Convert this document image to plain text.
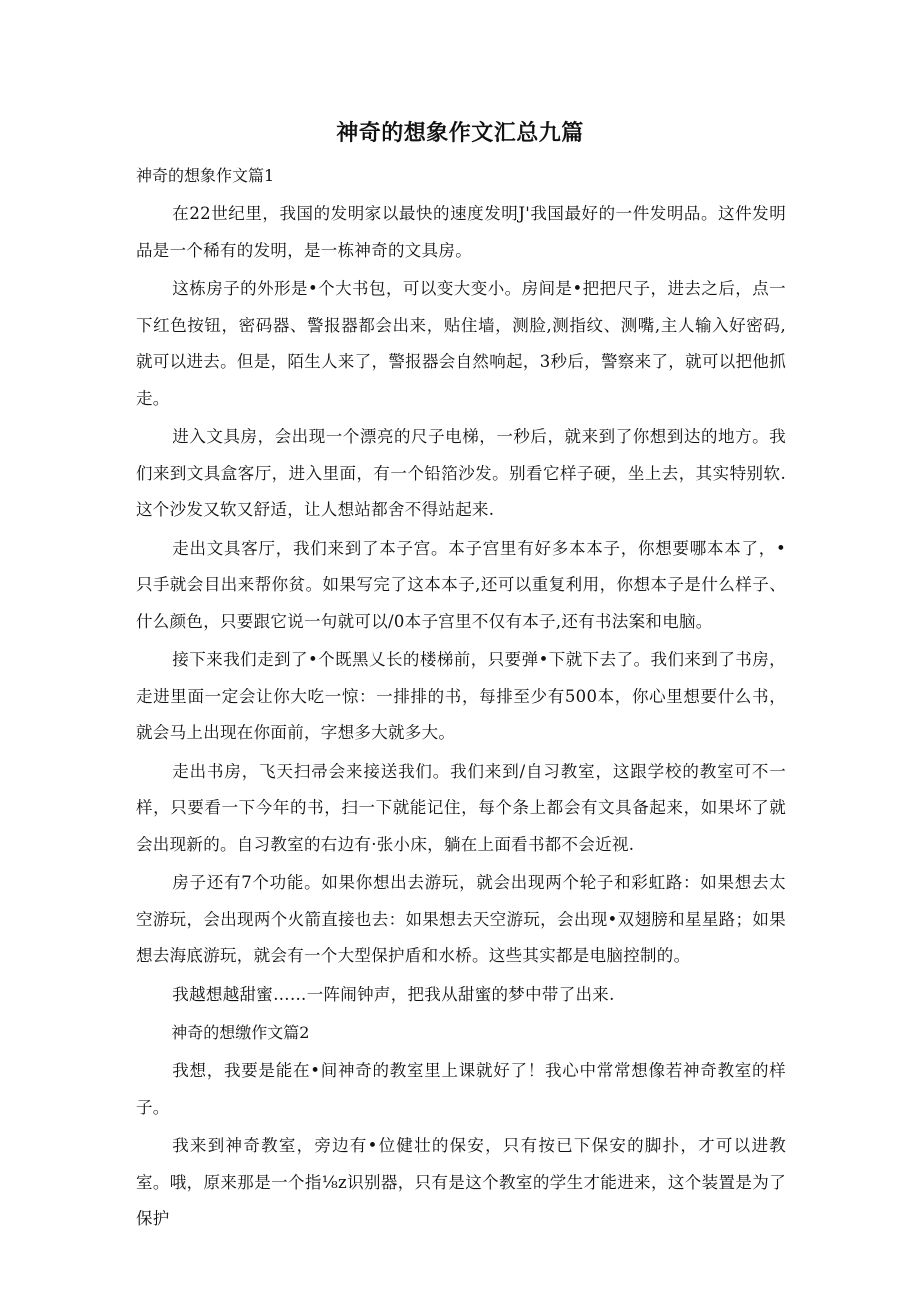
神奇的想象作文汇总九篇
神奇的想象作文篇1

在22世纪里，我国的发明家以最快的速度发明J'我国最好的一件发明品。这件发明品是一个稀有的发明，是一栋神奇的文具房。

这栋房子的外形是•个大书包，可以变大变小。房间是•把把尺子，进去之后，点一下红色按钮，密码器、警报器都会出来，贴住墙，测脸,测指纹、测嘴,主人输入好密码,就可以进去。但是，陌生人来了，警报器会自然响起，3秒后，警察来了，就可以把他抓走。

进入文具房，会出现一个漂亮的尺子电梯，一秒后，就来到了你想到达的地方。我们来到文具盒客厅，进入里面，有一个铅箔沙发。别看它样子硬，坐上去，其实特别软.这个沙发又软又舒适，让人想站都舍不得站起来.

走出文具客厅，我们来到了本子宫。本子宫里有好多本本子，你想要哪本本了，•只手就会目出来帮你贫。如果写完了这本本子,还可以重复利用，你想本子是什么样子、什么颜色，只要跟它说一句就可以/0本子宫里不仅有本子,还有书法案和电脑。

接下来我们走到了•个既黑乂长的楼梯前，只要弹•下就下去了。我们来到了书房，走进里面一定会让你大吃一惊：一排排的书，每排至少有500本，你心里想要什么书，就会马上出现在你面前，字想多大就多大。

走出书房，飞天扫帚会来接送我们。我们来到/自习教室，这跟学校的教室可不一样，只要看一下今年的书，扫一下就能记住，每个条上都会有文具备起来，如果坏了就会出现新的。自习教室的右边有·张小床，躺在上面看书都不会近视.

房子还有7个功能。如果你想出去游玩，就会出现两个轮子和彩虹路：如果想去太空游玩，会出现两个火箭直接也去：如果想去天空游玩，会出现•双翅膀和星星路；如果想去海底游玩，就会有一个大型保护盾和水桥。这些其实都是电脑控制的。

我越想越甜蜜……一阵闹钟声，把我从甜蜜的梦中带了出来.

神奇的想缴作文篇2

我想，我要是能在•间神奇的教室里上课就好了！我心中常常想像若神奇教室的样子。

我来到神奇教室，旁边有•位健壮的保安，只有按已下保安的脚扑，才可以进教室。哦，原来那是一个指⅛z识别器，只有是这个教室的学生才能进来，这个装置是为了保护
